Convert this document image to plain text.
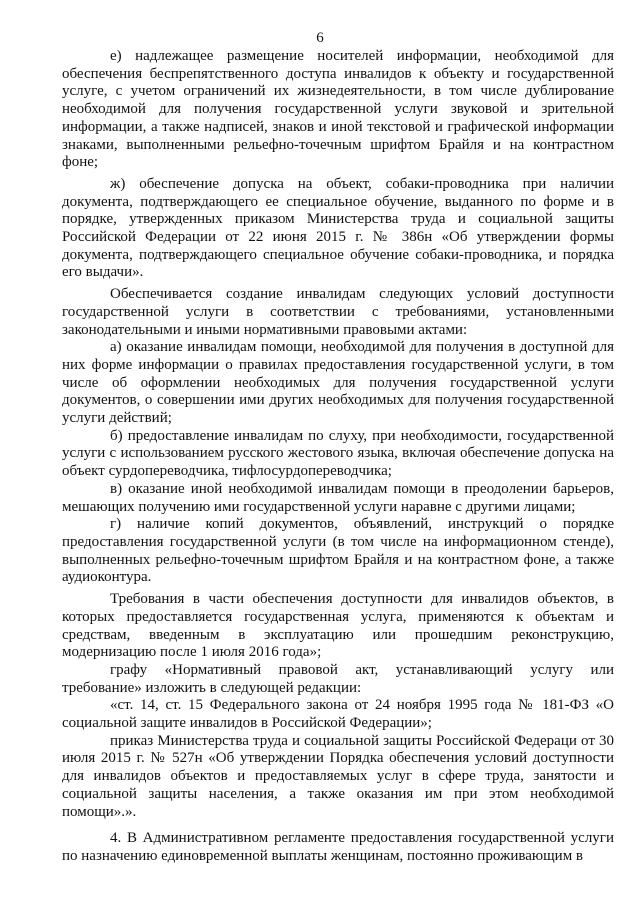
6

е) надлежащее размещение носителей информации, необходимой для обеспечения беспрепятственного доступа инвалидов к объекту и государственной услуге, с учетом ограничений их жизнедеятельности, в том числе дублирование необходимой для получения государственной услуги звуковой и зрительной информации, а также надписей, знаков и иной текстовой и графической информации знаками, выполненными рельефно-точечным шрифтом Брайля и на контрастном фоне;

ж) обеспечение допуска на объект, собаки-проводника при наличии документа, подтверждающего ее специальное обучение, выданного по форме и в порядке, утвержденных приказом Министерства труда и социальной защиты Российской Федерации от 22 июня 2015 г. № 386н «Об утверждении формы документа, подтверждающего специальное обучение собаки-проводника, и порядка его выдачи».

Обеспечивается создание инвалидам следующих условий доступности государственной услуги в соответствии с требованиями, установленными законодательными и иными нормативными правовыми актами:

а) оказание инвалидам помощи, необходимой для получения в доступной для них форме информации о правилах предоставления государственной услуги, в том числе об оформлении необходимых для получения государственной услуги документов, о совершении ими других необходимых для получения государственной услуги действий;

б) предоставление инвалидам по слуху, при необходимости, государственной услуги с использованием русского жестового языка, включая обеспечение допуска на объект сурдопереводчика, тифлосурдопереводчика;

в) оказание иной необходимой инвалидам помощи в преодолении барьеров, мешающих получению ими государственной услуги наравне с другими лицами;

г) наличие копий документов, объявлений, инструкций о порядке предоставления государственной услуги (в том числе на информационном стенде), выполненных рельефно-точечным шрифтом Брайля и на контрастном фоне, а также аудиоконтура.

Требования в части обеспечения доступности для инвалидов объектов, в которых предоставляется государственная услуга, применяются к объектам и средствам, введенным в эксплуатацию или прошедшим реконструкцию, модернизацию после 1 июля 2016 года»;

графу «Нормативный правовой акт, устанавливающий услугу или требование» изложить в следующей редакции:

«ст. 14, ст. 15 Федерального закона от 24 ноября 1995 года № 181-ФЗ «О социальной защите инвалидов в Российской Федерации»;

приказ Министерства труда и социальной защиты Российской Федераци от 30 июля 2015 г. № 527н «Об утверждении Порядка обеспечения условий доступности для инвалидов объектов и предоставляемых услуг в сфере труда, занятости и социальной защиты населения, а также оказания им при этом необходимой помощи».».

4. В Административном регламенте предоставления государственной услуги по назначению единовременной выплаты женщинам, постоянно проживающим в
